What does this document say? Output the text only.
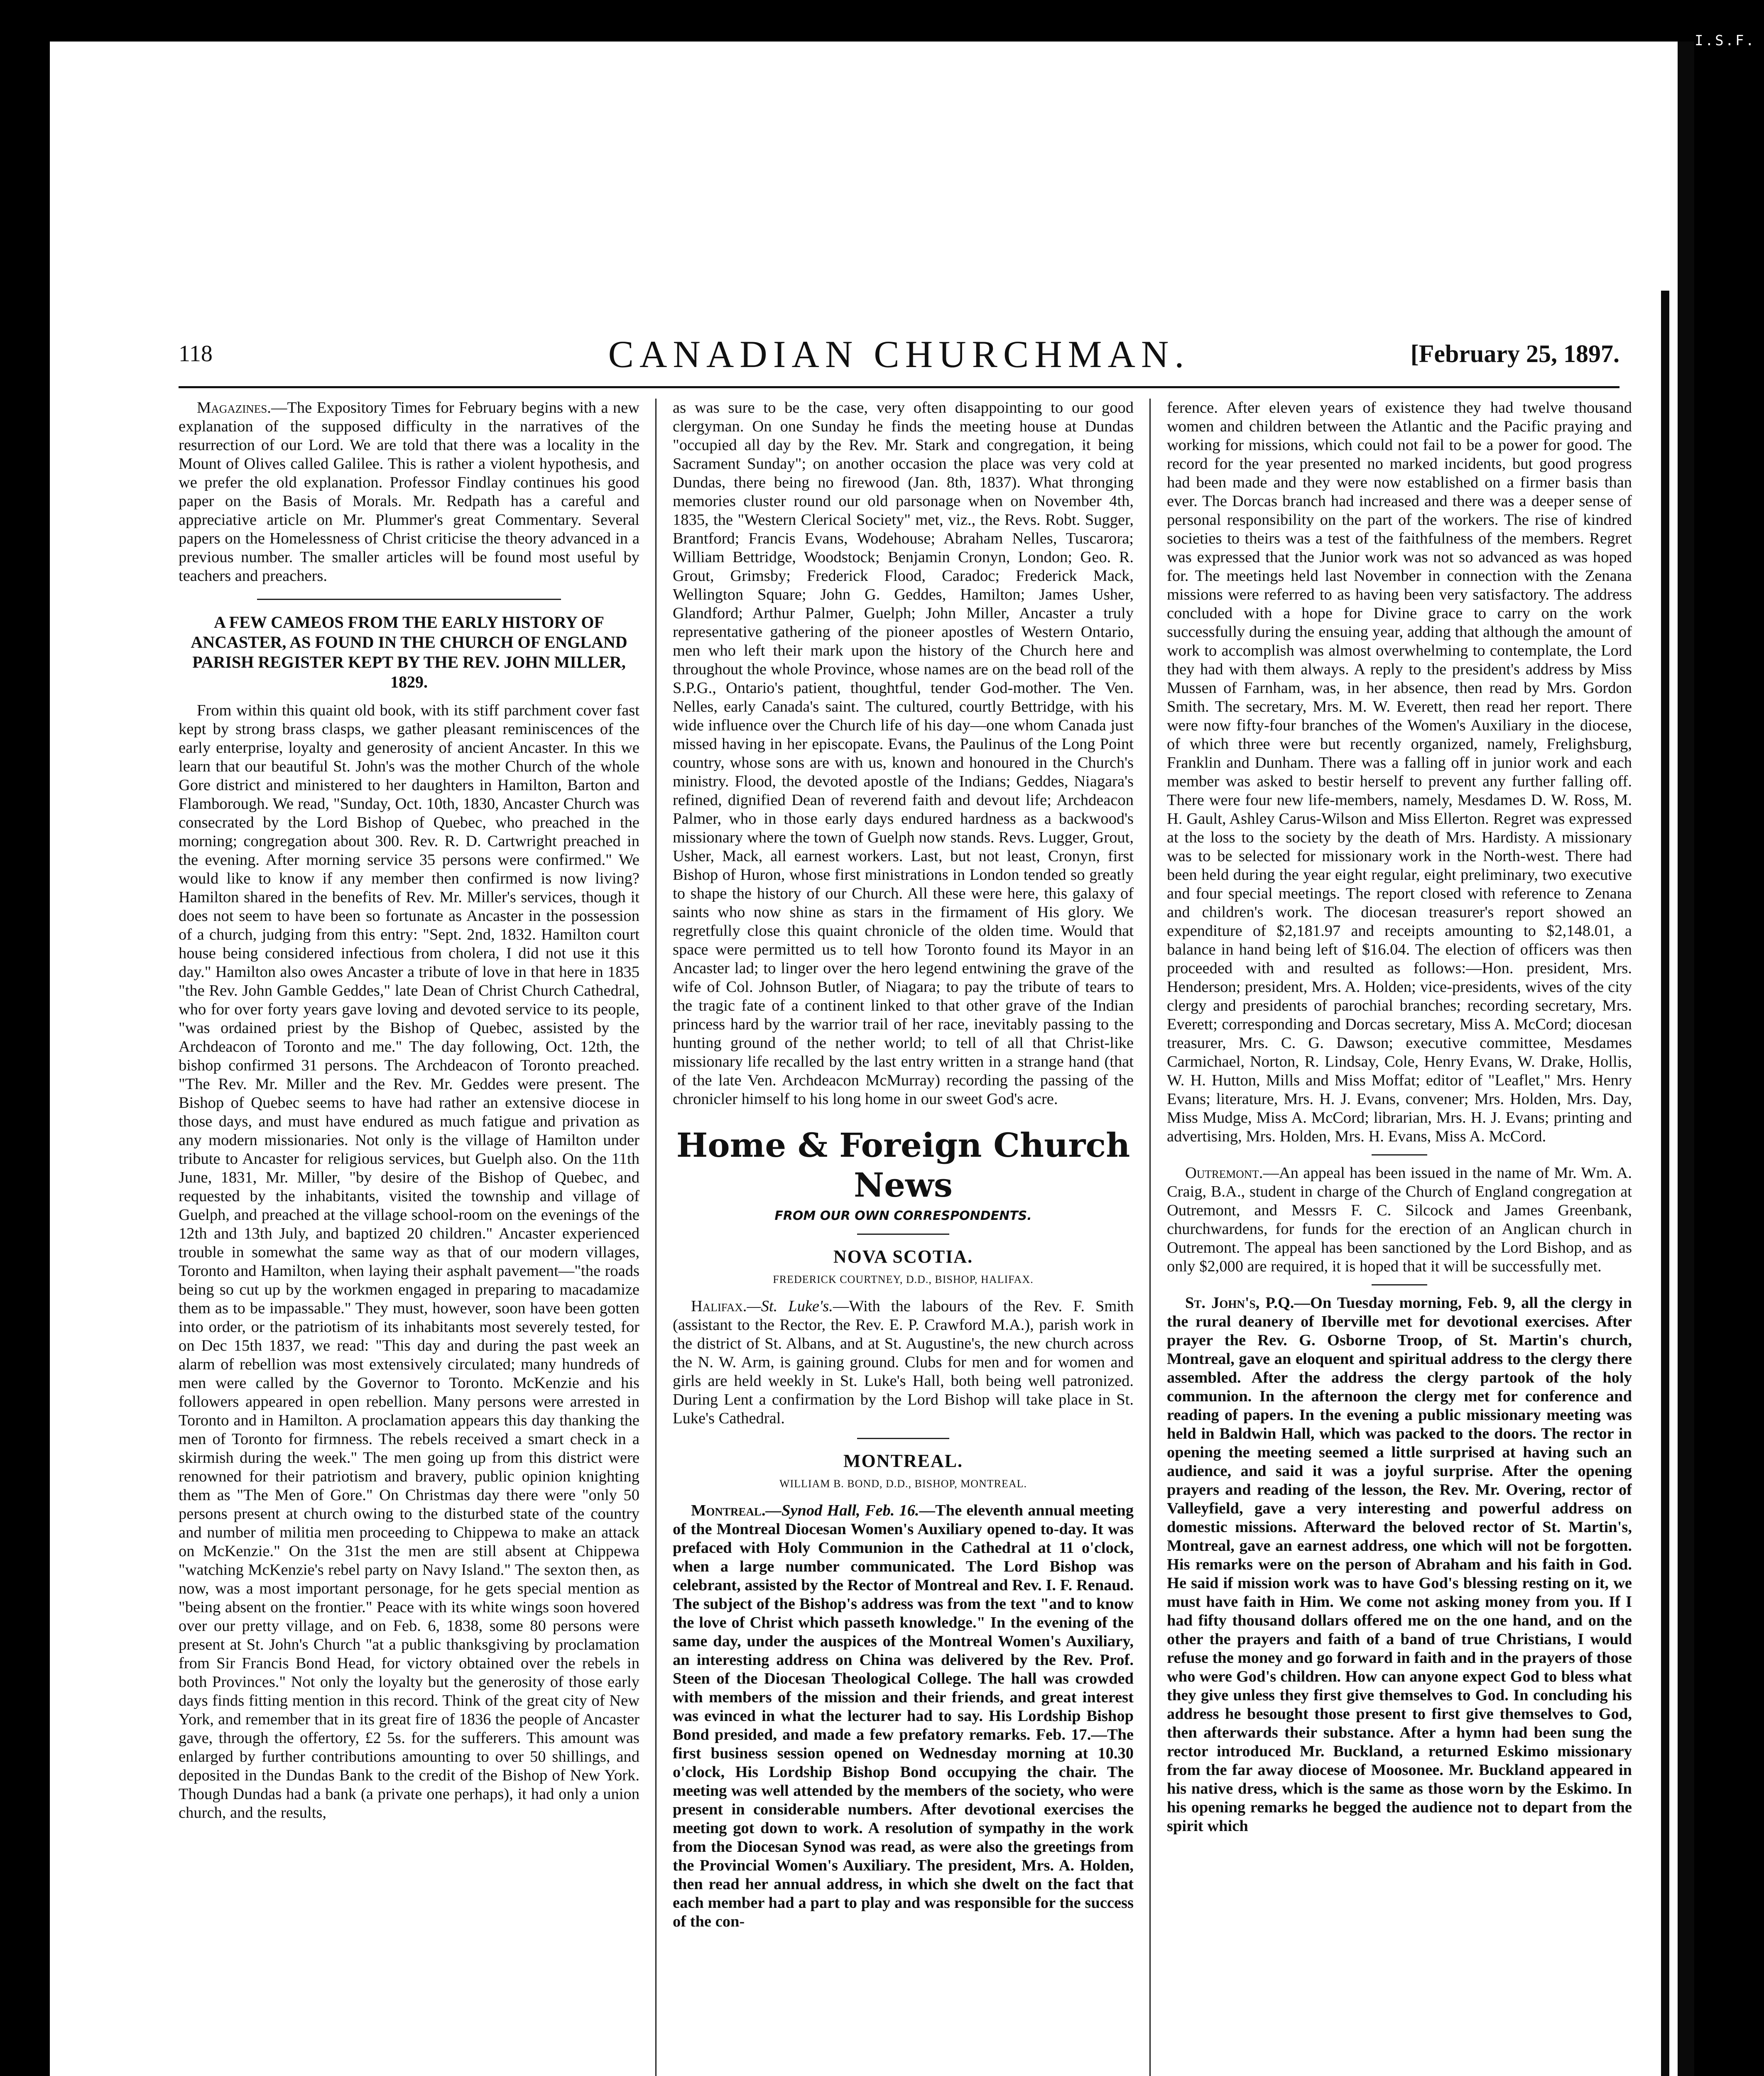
I.S.F.
118	CANADIAN CHURCHMAN.	[February 25, 1897.

Magazines.—The Expository Times for February begins with a new explanation of the supposed difficulty in the narratives of the resurrection of our Lord. We are told that there was a locality in the Mount of Olives called Galilee. This is rather a violent hypothesis, and we prefer the old explanation. Professor Findlay continues his good paper on the Basis of Morals. Mr. Redpath has a careful and appreciative article on Mr. Plummer's great Commentary. Several papers on the Homelessness of Christ criticise the theory advanced in a previous number. The smaller articles will be found most useful by teachers and preachers.

A FEW CAMEOS FROM THE EARLY HISTORY OF ANCASTER, AS FOUND IN THE CHURCH OF ENGLAND PARISH REGISTER KEPT BY THE REV. JOHN MILLER, 1829.

From within this quaint old book, with its stiff parchment cover fast kept by strong brass clasps, we gather pleasant reminiscences of the early enterprise, loyalty and generosity of ancient Ancaster. In this we learn that our beautiful St. John's was the mother Church of the whole Gore district and ministered to her daughters in Hamilton, Barton and Flamborough. We read, "Sunday, Oct. 10th, 1830, Ancaster Church was consecrated by the Lord Bishop of Quebec, who preached in the morning; congregation about 300. Rev. R. D. Cartwright preached in the evening. After morning service 35 persons were confirmed." We would like to know if any member then confirmed is now living? Hamilton shared in the benefits of Rev. Mr. Miller's services, though it does not seem to have been so fortunate as Ancaster in the possession of a church, judging from this entry: "Sept. 2nd, 1832. Hamilton court house being considered infectious from cholera, I did not use it this day." Hamilton also owes Ancaster a tribute of love in that here in 1835 "the Rev. John Gamble Geddes," late Dean of Christ Church Cathedral, who for over forty years gave loving and devoted service to its people, "was ordained priest by the Bishop of Quebec, assisted by the Archdeacon of Toronto and me." The day following, Oct. 12th, the bishop confirmed 31 persons. The Archdeacon of Toronto preached. "The Rev. Mr. Miller and the Rev. Mr. Geddes were present. The Bishop of Quebec seems to have had rather an extensive diocese in those days, and must have endured as much fatigue and privation as any modern missionaries. Not only is the village of Hamilton under tribute to Ancaster for religious services, but Guelph also. On the 11th June, 1831, Mr. Miller, "by desire of the Bishop of Quebec, and requested by the inhabitants, visited the township and village of Guelph, and preached at the village school-room on the evenings of the 12th and 13th July, and baptized 20 children." Ancaster experienced trouble in somewhat the same way as that of our modern villages, Toronto and Hamilton, when laying their asphalt pavement—"the roads being so cut up by the workmen engaged in preparing to macadamize them as to be impassable." They must, however, soon have been gotten into order, or the patriotism of its inhabitants most severely tested, for on Dec 15th 1837, we read: "This day and during the past week an alarm of rebellion was most extensively circulated; many hundreds of men were called by the Governor to Toronto. McKenzie and his followers appeared in open rebellion. Many persons were arrested in Toronto and in Hamilton. A proclamation appears this day thanking the men of Toronto for firmness. The rebels received a smart check in a skirmish during the week." The men going up from this district were renowned for their patriotism and bravery, public opinion knighting them as "The Men of Gore." On Christmas day there were "only 50 persons present at church owing to the disturbed state of the country and number of militia men proceeding to Chippewa to make an attack on McKenzie." On the 31st the men are still absent at Chippewa "watching McKenzie's rebel party on Navy Island." The sexton then, as now, was a most important personage, for he gets special mention as "being absent on the frontier." Peace with its white wings soon hovered over our pretty village, and on Feb. 6, 1838, some 80 persons were present at St. John's Church "at a public thanksgiving by proclamation from Sir Francis Bond Head, for victory obtained over the rebels in both Provinces." Not only the loyalty but the generosity of those early days finds fitting mention in this record. Think of the great city of New York, and remember that in its great fire of 1836 the people of Ancaster gave, through the offertory, £2 5s. for the sufferers. This amount was enlarged by further contributions amounting to over 50 shillings, and deposited in the Dundas Bank to the credit of the Bishop of New York. Though Dundas had a bank (a private one perhaps), it had only a union church, and the results,

as was sure to be the case, very often disappointing to our good clergyman. On one Sunday he finds the meeting house at Dundas "occupied all day by the Rev. Mr. Stark and congregation, it being Sacrament Sunday"; on another occasion the place was very cold at Dundas, there being no firewood (Jan. 8th, 1837). What thronging memories cluster round our old parsonage when on November 4th, 1835, the "Western Clerical Society" met, viz., the Revs. Robt. Sugger, Brantford; Francis Evans, Wodehouse; Abraham Nelles, Tuscarora; William Bettridge, Woodstock; Benjamin Cronyn, London; Geo. R. Grout, Grimsby; Frederick Flood, Caradoc; Frederick Mack, Wellington Square; John G. Geddes, Hamilton; James Usher, Glandford; Arthur Palmer, Guelph; John Miller, Ancaster a truly representative gathering of the pioneer apostles of Western Ontario, men who left their mark upon the history of the Church here and throughout the whole Province, whose names are on the bead roll of the S.P.G., Ontario's patient, thoughtful, tender God-mother. The Ven. Nelles, early Canada's saint. The cultured, courtly Bettridge, with his wide influence over the Church life of his day—one whom Canada just missed having in her episcopate. Evans, the Paulinus of the Long Point country, whose sons are with us, known and honoured in the Church's ministry. Flood, the devoted apostle of the Indians; Geddes, Niagara's refined, dignified Dean of reverend faith and devout life; Archdeacon Palmer, who in those early days endured hardness as a backwood's missionary where the town of Guelph now stands. Revs. Lugger, Grout, Usher, Mack, all earnest workers. Last, but not least, Cronyn, first Bishop of Huron, whose first ministrations in London tended so greatly to shape the history of our Church. All these were here, this galaxy of saints who now shine as stars in the firmament of His glory. We regretfully close this quaint chronicle of the olden time. Would that space were permitted us to tell how Toronto found its Mayor in an Ancaster lad; to linger over the hero legend entwining the grave of the wife of Col. Johnson Butler, of Niagara; to pay the tribute of tears to the tragic fate of a continent linked to that other grave of the Indian princess hard by the warrior trail of her race, inevitably passing to the hunting ground of the nether world; to tell of all that Christ-like missionary life recalled by the last entry written in a strange hand (that of the late Ven. Archdeacon McMurray) recording the passing of the chronicler himself to his long home in our sweet God's acre.

Home & Foreign Church News

FROM OUR OWN CORRESPONDENTS.

NOVA SCOTIA.

FREDERICK COURTNEY, D.D., BISHOP, HALIFAX.

Halifax.—St. Luke's.—With the labours of the Rev. F. Smith (assistant to the Rector, the Rev. E. P. Crawford M.A.), parish work in the district of St. Albans, and at St. Augustine's, the new church across the N. W. Arm, is gaining ground. Clubs for men and for women and girls are held weekly in St. Luke's Hall, both being well patronized. During Lent a confirmation by the Lord Bishop will take place in St. Luke's Cathedral.

MONTREAL.

WILLIAM B. BOND, D.D., BISHOP, MONTREAL.

Montreal.—Synod Hall, Feb. 16.—The eleventh annual meeting of the Montreal Diocesan Women's Auxiliary opened to-day. It was prefaced with Holy Communion in the Cathedral at 11 o'clock, when a large number communicated. The Lord Bishop was celebrant, assisted by the Rector of Montreal and Rev. I. F. Renaud. The subject of the Bishop's address was from the text "and to know the love of Christ which passeth knowledge." In the evening of the same day, under the auspices of the Montreal Women's Auxiliary, an interesting address on China was delivered by the Rev. Prof. Steen of the Diocesan Theological College. The hall was crowded with members of the mission and their friends, and great interest was evinced in what the lecturer had to say. His Lordship Bishop Bond presided, and made a few prefatory remarks. Feb. 17.—The first business session opened on Wednesday morning at 10.30 o'clock, His Lordship Bishop Bond occupying the chair. The meeting was well attended by the members of the society, who were present in considerable numbers. After devotional exercises the meeting got down to work. A resolution of sympathy in the work from the Diocesan Synod was read, as were also the greetings from the Provincial Women's Auxiliary. The president, Mrs. A. Holden, then read her annual address, in which she dwelt on the fact that each member had a part to play and was responsible for the success of the con-

ference. After eleven years of existence they had twelve thousand women and children between the Atlantic and the Pacific praying and working for missions, which could not fail to be a power for good. The record for the year presented no marked incidents, but good progress had been made and they were now established on a firmer basis than ever. The Dorcas branch had increased and there was a deeper sense of personal responsibility on the part of the workers. The rise of kindred societies to theirs was a test of the faithfulness of the members. Regret was expressed that the Junior work was not so advanced as was hoped for. The meetings held last November in connection with the Zenana missions were referred to as having been very satisfactory. The address concluded with a hope for Divine grace to carry on the work successfully during the ensuing year, adding that although the amount of work to accomplish was almost overwhelming to contemplate, the Lord they had with them always. A reply to the president's address by Miss Mussen of Farnham, was, in her absence, then read by Mrs. Gordon Smith. The secretary, Mrs. M. W. Everett, then read her report. There were now fifty-four branches of the Women's Auxiliary in the diocese, of which three were but recently organized, namely, Frelighsburg, Franklin and Dunham. There was a falling off in junior work and each member was asked to bestir herself to prevent any further falling off. There were four new life-members, namely, Mesdames D. W. Ross, M. H. Gault, Ashley Carus-Wilson and Miss Ellerton. Regret was expressed at the loss to the society by the death of Mrs. Hardisty. A missionary was to be selected for missionary work in the North-west. There had been held during the year eight regular, eight preliminary, two executive and four special meetings. The report closed with reference to Zenana and children's work. The diocesan treasurer's report showed an expenditure of $2,181.97 and receipts amounting to $2,148.01, a balance in hand being left of $16.04. The election of officers was then proceeded with and resulted as follows:—Hon. president, Mrs. Henderson; president, Mrs. A. Holden; vice-presidents, wives of the city clergy and presidents of parochial branches; recording secretary, Mrs. Everett; corresponding and Dorcas secretary, Miss A. McCord; diocesan treasurer, Mrs. C. G. Dawson; executive committee, Mesdames Carmichael, Norton, R. Lindsay, Cole, Henry Evans, W. Drake, Hollis, W. H. Hutton, Mills and Miss Moffat; editor of "Leaflet," Mrs. Henry Evans; literature, Mrs. H. J. Evans, convener; Mrs. Holden, Mrs. Day, Miss Mudge, Miss A. McCord; librarian, Mrs. H. J. Evans; printing and advertising, Mrs. Holden, Mrs. H. Evans, Miss A. McCord.

Outremont.—An appeal has been issued in the name of Mr. Wm. A. Craig, B.A., student in charge of the Church of England congregation at Outremont, and Messrs F. C. Silcock and James Greenbank, churchwardens, for funds for the erection of an Anglican church in Outremont. The appeal has been sanctioned by the Lord Bishop, and as only $2,000 are required, it is hoped that it will be successfully met.

St. John's, P.Q.—On Tuesday morning, Feb. 9, all the clergy in the rural deanery of Iberville met for devotional exercises. After prayer the Rev. G. Osborne Troop, of St. Martin's church, Montreal, gave an eloquent and spiritual address to the clergy there assembled. After the address the clergy partook of the holy communion. In the afternoon the clergy met for conference and reading of papers. In the evening a public missionary meeting was held in Baldwin Hall, which was packed to the doors. The rector in opening the meeting seemed a little surprised at having such an audience, and said it was a joyful surprise. After the opening prayers and reading of the lesson, the Rev. Mr. Overing, rector of Valleyfield, gave a very interesting and powerful address on domestic missions. Afterward the beloved rector of St. Martin's, Montreal, gave an earnest address, one which will not be forgotten. His remarks were on the person of Abraham and his faith in God. He said if mission work was to have God's blessing resting on it, we must have faith in Him. We come not asking money from you. If I had fifty thousand dollars offered me on the one hand, and on the other the prayers and faith of a band of true Christians, I would refuse the money and go forward in faith and in the prayers of those who were God's children. How can anyone expect God to bless what they give unless they first give themselves to God. In concluding his address he besought those present to first give themselves to God, then afterwards their substance. After a hymn had been sung the rector introduced Mr. Buckland, a returned Eskimo missionary from the far away diocese of Moosonee. Mr. Buckland appeared in his native dress, which is the same as those worn by the Eskimo. In his opening remarks he begged the audience not to depart from the spirit which
